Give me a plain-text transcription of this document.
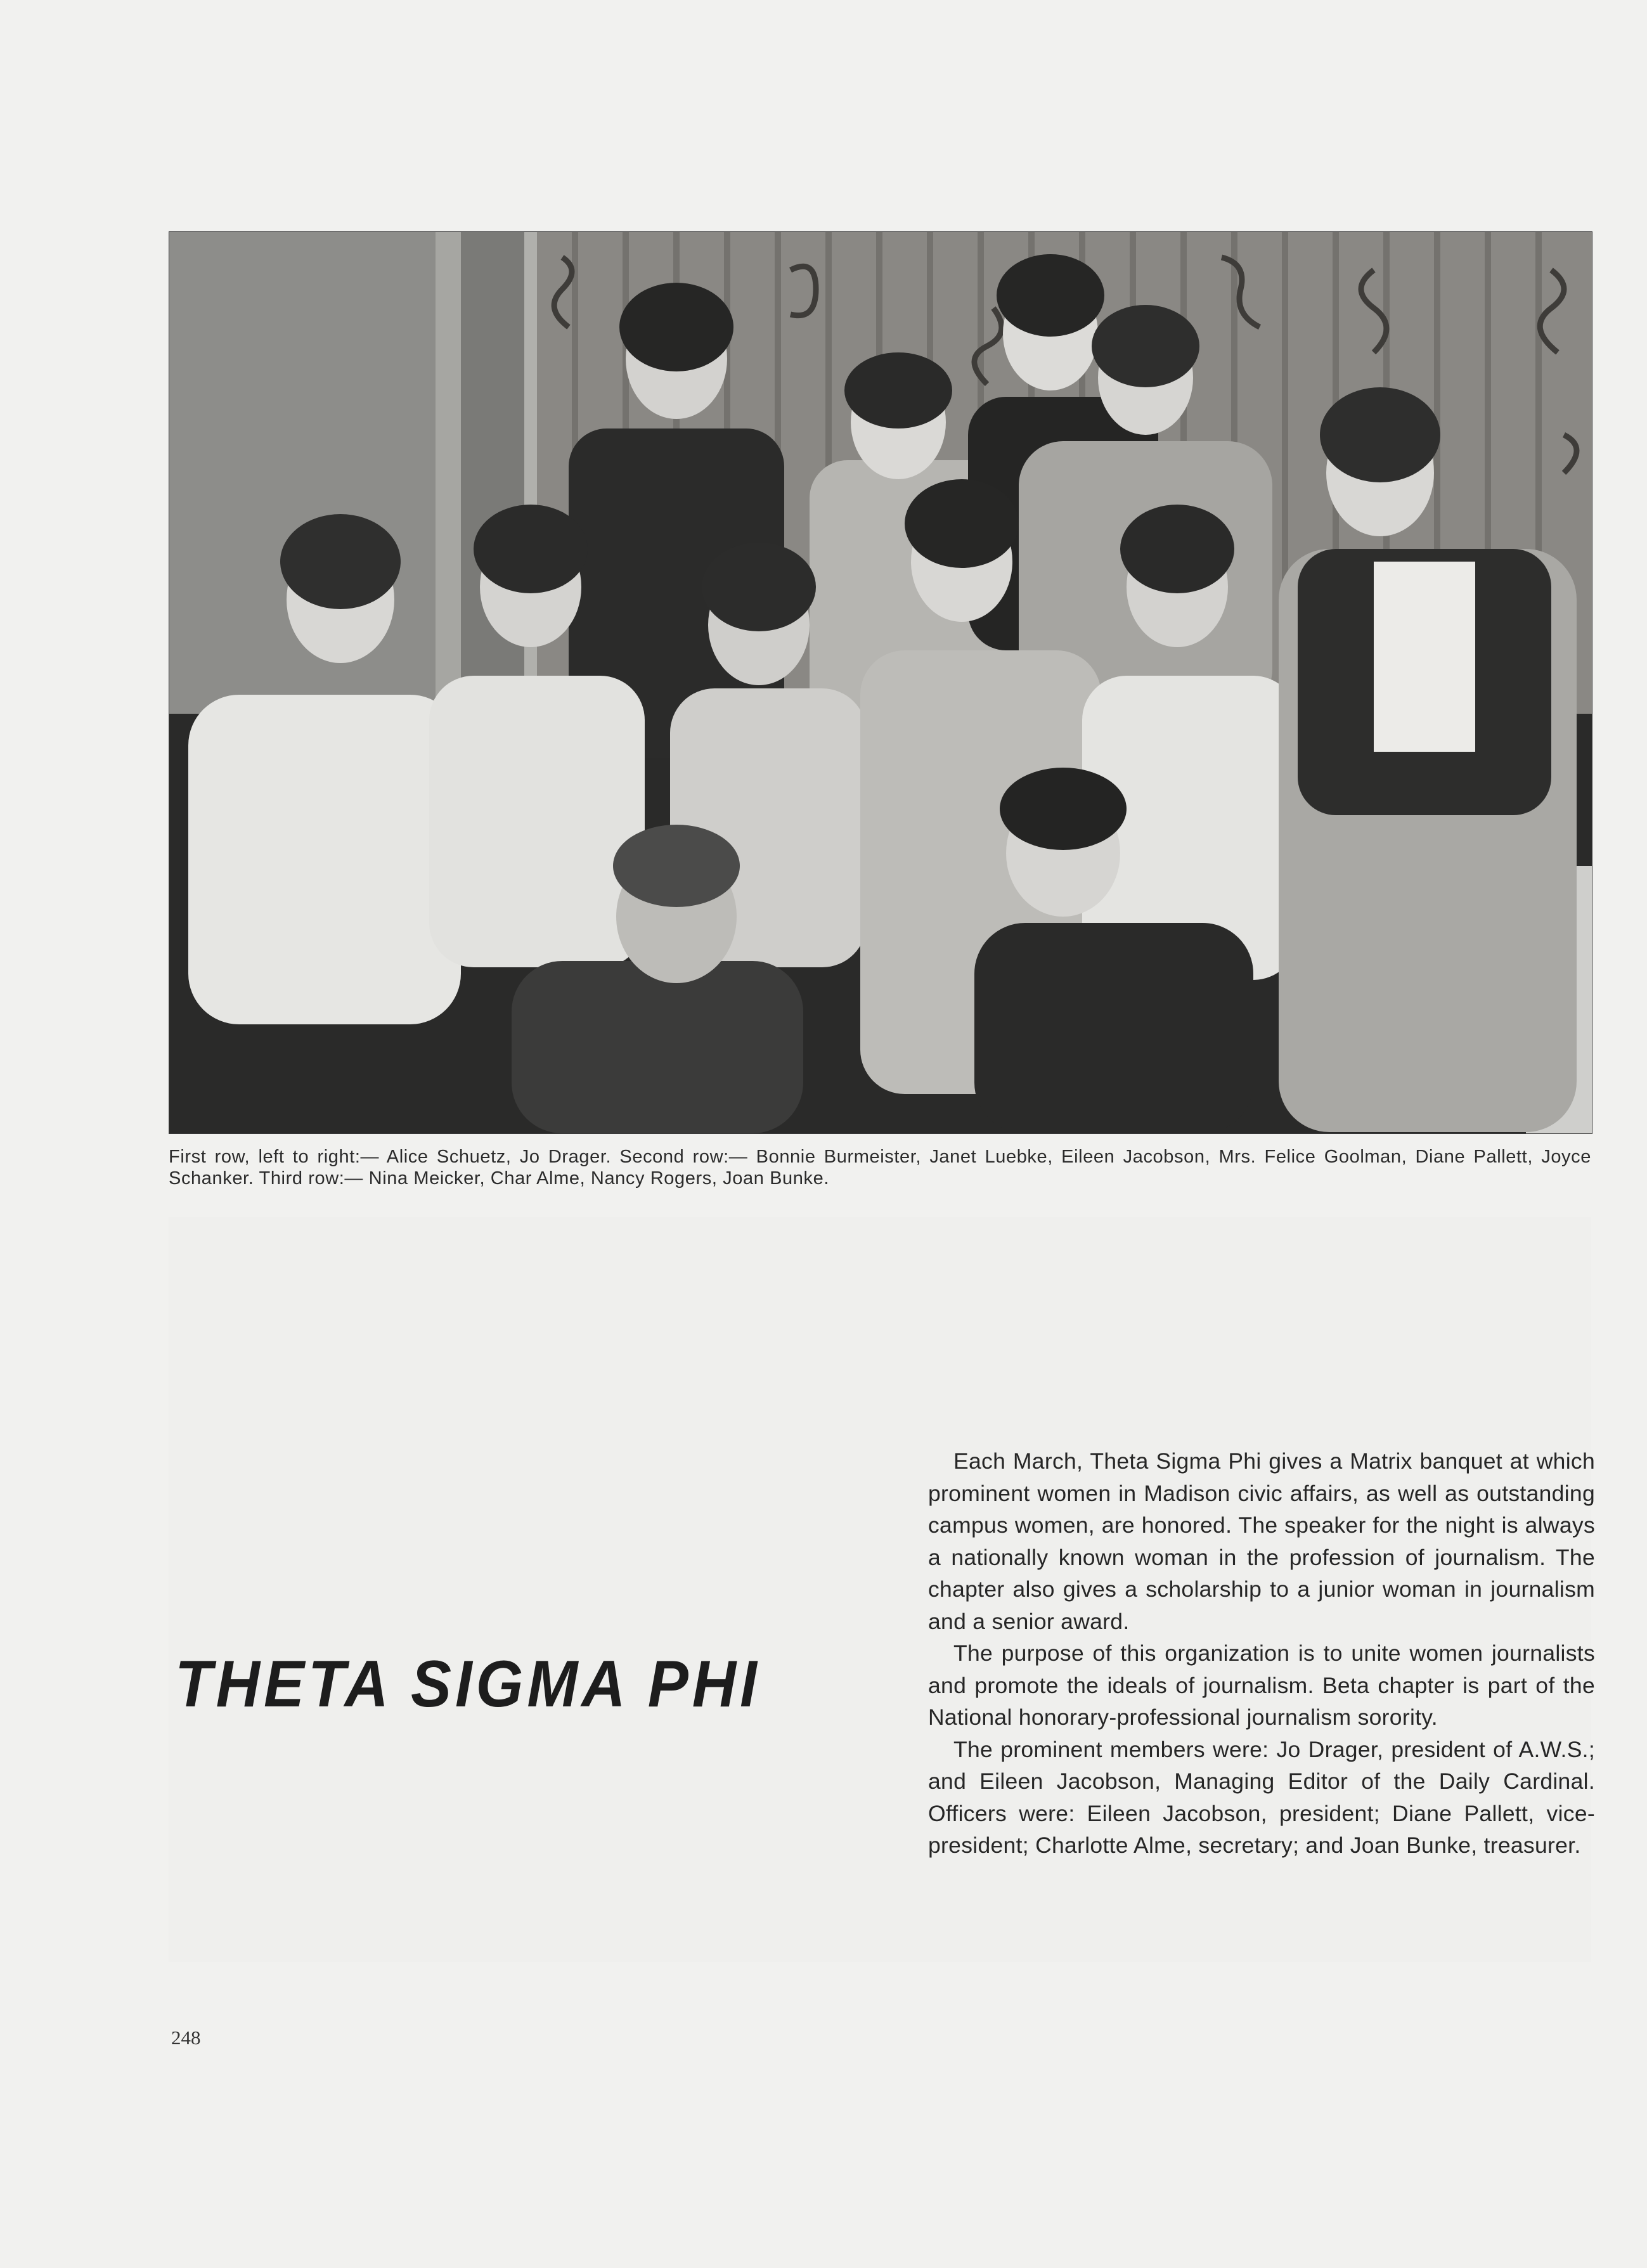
First row, left to right:— Alice Schuetz, Jo Drager. Second row:— Bonnie Burmeister, Janet Luebke, Eileen Jacobson, Mrs. Felice Goolman, Diane Pallett, Joyce Schanker. Third row:— Nina Meicker, Char Alme, Nancy Rogers, Joan Bunke.
THETA SIGMA PHI

Each March, Theta Sigma Phi gives a Matrix banquet at which prominent women in Madison civic affairs, as well as outstanding campus women, are honored. The speaker for the night is always a nationally known woman in the profession of journalism. The chapter also gives a scholarship to a junior woman in journalism and a senior award.

The purpose of this organization is to unite women journalists and promote the ideals of journalism. Beta chapter is part of the National honorary-professional journalism sorority.

The prominent members were: Jo Drager, president of A.W.S.; and Eileen Jacobson, Managing Editor of the Daily Cardinal. Officers were: Eileen Jacobson, president; Diane Pallett, vice-president; Charlotte Alme, secretary; and Joan Bunke, treasurer.

248
